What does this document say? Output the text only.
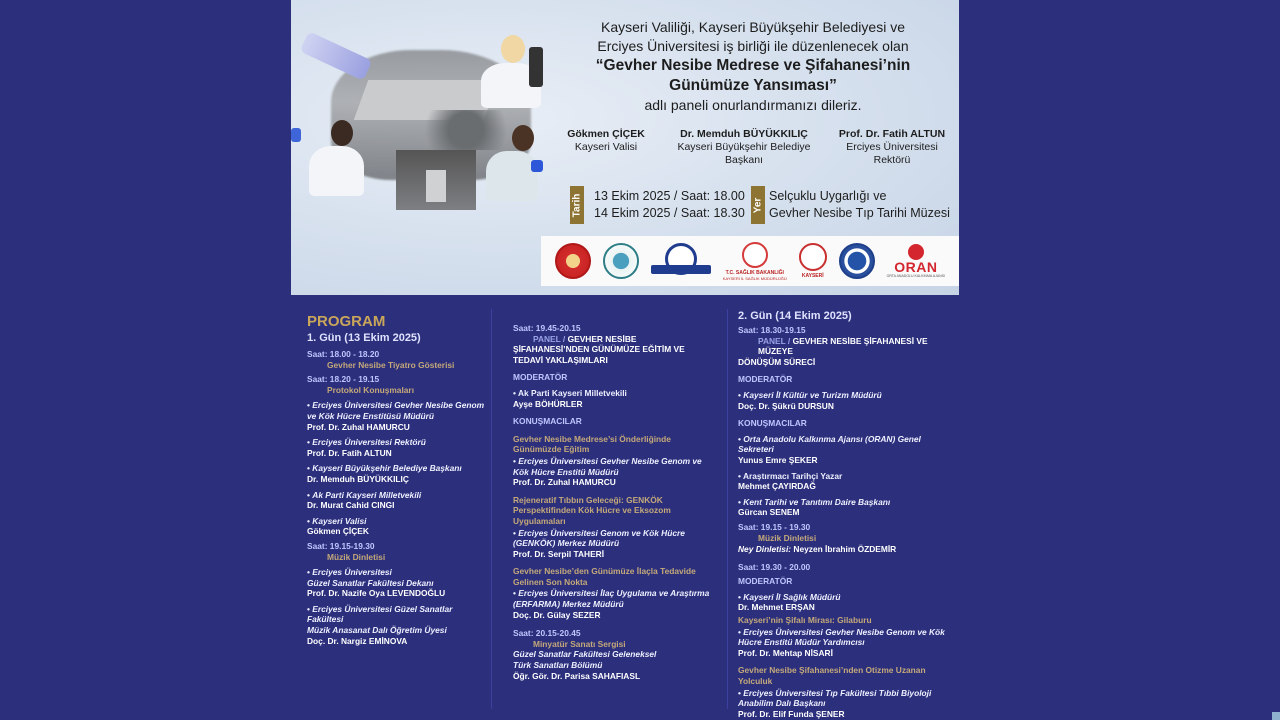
Kayseri Valiliği, Kayseri Büyükşehir Belediyesi ve
Erciyes Üniversitesi iş birliği ile düzenlenecek olan
“Gevher Nesibe Medrese ve Şifahanesi’nin
Günümüze Yansıması”
adlı paneli onurlandırmanızı dileriz.
Gökmen ÇİÇEK
Kayseri Valisi
Dr. Memduh BÜYÜKKILIÇ
Kayseri Büyükşehir Belediye Başkanı
Prof. Dr. Fatih ALTUN
Erciyes Üniversitesi Rektörü
Tarih 13 Ekim 2025 / Saat: 18.00
14 Ekim 2025 / Saat: 18.30
Yer
Selçuklu Uygarlığı ve
Gevher Nesibe Tıp Tarihi Müzesi
T.C. SAĞLIK BAKANLIĞI
KAYSERİ İL SAĞLIK MÜDÜRLÜĞÜ	KAYSERİ
ORAN
ORTA ANADOLU KALKINMA AJANSI
PROGRAM
1. Gün (13 Ekim 2025)
Saat: 18.00 - 18.20
Gevher Nesibe Tiyatro Gösterisi
Saat: 18.20 - 19.15
Protokol Konuşmaları
• Erciyes Üniversitesi Gevher Nesibe Genom ve Kök Hücre Enstitüsü Müdürü
Prof. Dr. Zuhal HAMURCU
• Erciyes Üniversitesi Rektörü
Prof. Dr. Fatih ALTUN
• Kayseri Büyükşehir Belediye Başkanı
Dr. Memduh BÜYÜKKILIÇ
• Ak Parti Kayseri Milletvekili
Dr. Murat Cahid CINGI
• Kayseri Valisi
Gökmen ÇİÇEK
Saat: 19.15-19.30
Müzik Dinletisi
• Erciyes Üniversitesi
Güzel Sanatlar Fakültesi Dekanı
Prof. Dr. Nazife Oya LEVENDOĞLU
• Erciyes Üniversitesi Güzel Sanatlar Fakültesi
Müzik Anasanat Dalı Öğretim Üyesi
Doç. Dr. Nargiz EMİNOVA
Saat: 19.45-20.15
PANEL / GEVHER NESİBE
ŞİFAHANESİ’NDEN GÜNÜMÜZE EĞİTİM VE TEDAVİ YAKLAŞIMLARI
MODERATÖR
• Ak Parti Kayseri Milletvekili
Ayşe BÖHÜRLER
KONUŞMACILAR
Gevher Nesibe Medrese’si Önderliğinde Günümüzde Eğitim
• Erciyes Üniversitesi Gevher Nesibe Genom ve Kök Hücre Enstitü Müdürü
Prof. Dr. Zuhal HAMURCU
Rejeneratif Tıbbın Geleceği: GENKÖK Perspektifinden Kök Hücre ve Eksozom Uygulamaları
• Erciyes Üniversitesi Genom ve Kök Hücre (GENKÖK) Merkez Müdürü
Prof. Dr. Serpil TAHERİ
Gevher Nesibe’den Günümüze İlaçla Tedavide Gelinen Son Nokta
• Erciyes Üniversitesi İlaç Uygulama ve Araştırma (ERFARMA) Merkez Müdürü
Doç. Dr. Gülay SEZER
Saat: 20.15-20.45
Minyatür Sanatı Sergisi
Güzel Sanatlar Fakültesi Geleneksel
Türk Sanatları Bölümü
Öğr. Gör. Dr. Parisa SAHAFIASL
2. Gün (14 Ekim 2025)
Saat: 18.30-19.15
PANEL / GEVHER NESİBE ŞİFAHANESİ VE MÜZEYE
DÖNÜŞÜM SÜRECİ
MODERATÖR
• Kayseri İl Kültür ve Turizm Müdürü
Doç. Dr. Şükrü DURSUN
KONUŞMACILAR
• Orta Anadolu Kalkınma Ajansı (ORAN) Genel Sekreteri
Yunus Emre ŞEKER
• Araştırmacı Tarihçi Yazar
Mehmet ÇAYIRDAĞ
• Kent Tarihi ve Tanıtımı Daire Başkanı
Gürcan SENEM
Saat: 19.15 - 19.30
Müzik Dinletisi
Ney Dinletisi: Neyzen İbrahim ÖZDEMİR
Saat: 19.30 - 20.00
MODERATÖR
• Kayseri İl Sağlık Müdürü
Dr. Mehmet ERŞAN
Kayseri’nin Şifalı Mirası: Gilaburu
• Erciyes Üniversitesi Gevher Nesibe Genom ve Kök Hücre Enstitü Müdür Yardımcısı
Prof. Dr. Mehtap NİSARİ
Gevher Nesibe Şifahanesi’nden Otizme Uzanan Yolculuk
• Erciyes Üniversitesi Tıp Fakültesi Tıbbi Biyoloji Anabilim Dalı Başkanı
Prof. Dr. Elif Funda ŞENER
